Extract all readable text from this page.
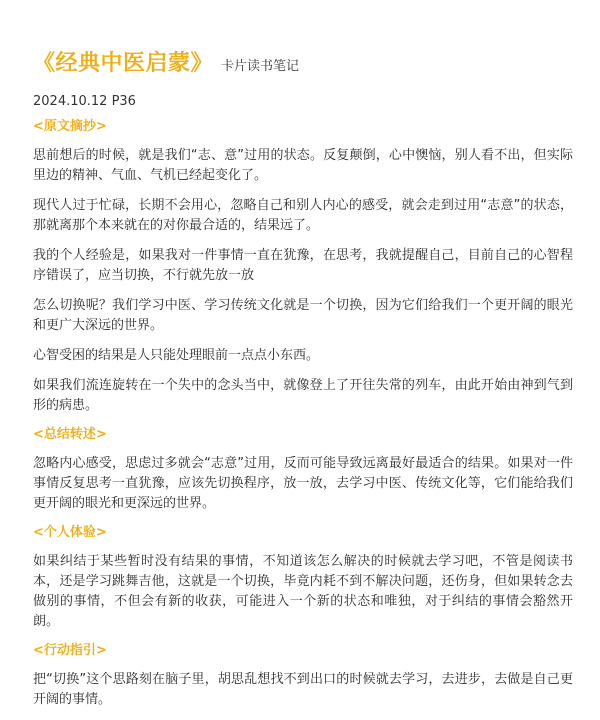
《经典中医启蒙》 卡片读书笔记
2024.10.12 P36
<原文摘抄>

思前想后的时候，就是我们“志、意”过用的状态。反复颠倒，心中懊恼，别人看不出，但实际里边的精神、气血、气机已经起变化了。

现代人过于忙碌，长期不会用心，忽略自己和别人内心的感受，就会走到过用“志意”的状态，那就离那个本来就在的对你最合适的，结果远了。

我的个人经验是，如果我对一件事情一直在犹豫，在思考，我就提醒自己，目前自己的心智程序错误了，应当切换，不行就先放一放

怎么切换呢？我们学习中医、学习传统文化就是一个切换，因为它们给我们一个更开阔的眼光和更广大深远的世界。

心智受困的结果是人只能处理眼前一点点小东西。

如果我们流连旋转在一个失中的念头当中，就像登上了开往失常的列车，由此开始由神到气到形的病患。

<总结转述>

忽略内心感受，思虑过多就会“志意”过用，反而可能导致远离最好最适合的结果。如果对一件事情反复思考一直犹豫，应该先切换程序，放一放，去学习中医、传统文化等，它们能给我们更开阔的眼光和更深远的世界。

<个人体验>

如果纠结于某些暂时没有结果的事情，不知道该怎么解决的时候就去学习吧，不管是阅读书本，还是学习跳舞吉他，这就是一个切换，毕竟内耗不到不解决问题，还伤身，但如果转念去做别的事情，不但会有新的收获，可能进入一个新的状态和唯独，对于纠结的事情会豁然开朗。

<行动指引>

把“切换”这个思路刻在脑子里，胡思乱想找不到出口的时候就去学习，去进步，去做是自己更开阔的事情。
